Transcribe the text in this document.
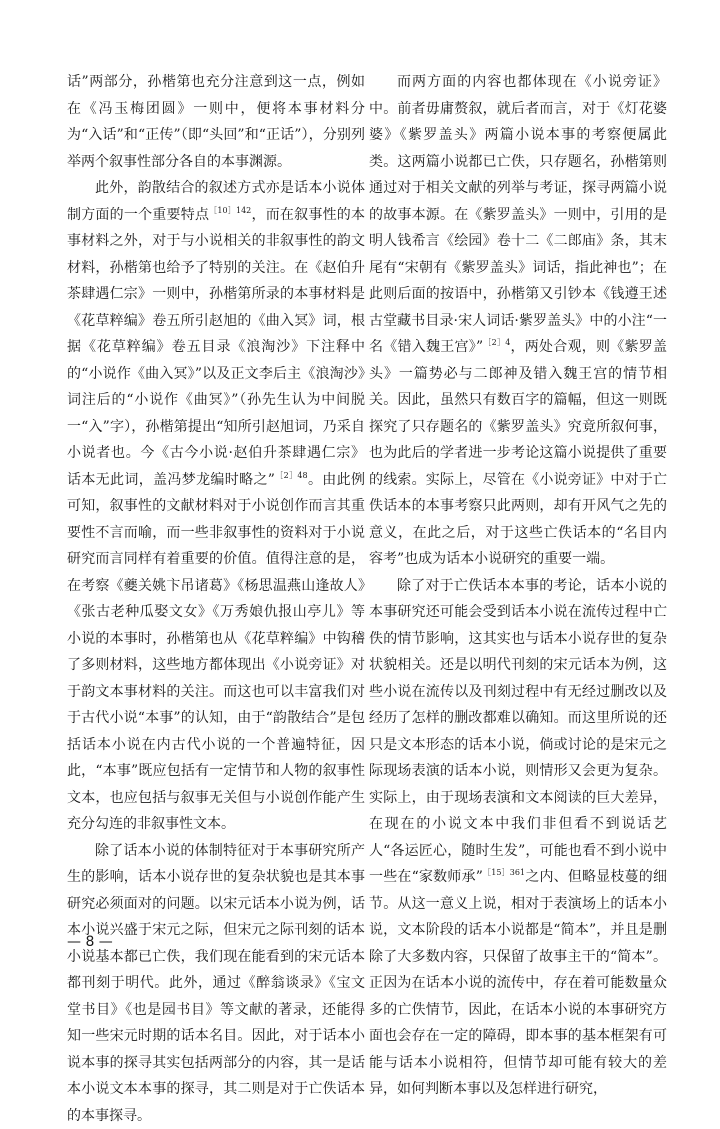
话”两部分，孙楷第也充分注意到这一点，例如在《冯玉梅团圆》一则中，便将本事材料分为“入话”和“正传”（即“头回”和“正话”），分别列举两个叙事性部分各自的本事渊源。

此外，韵散结合的叙述方式亦是话本小说体制方面的一个重要特点$^{[10]142}$，而在叙事性的本事材料之外，对于与小说相关的非叙事性的韵文材料，孙楷第也给予了特别的关注。在《赵伯升茶肆遇仁宗》一则中，孙楷第所录的本事材料是《花草粹编》卷五所引赵旭的《曲入冥》词，根据《花草粹编》卷五目录《浪淘沙》下注释中的“小说作《曲入冥》”以及正文李后主《浪淘沙》词注后的“小说作《曲冥》”（孙先生认为中间脱一“入”字），孙楷第提出“知所引赵旭词，乃采自小说者也。今《古今小说·赵伯升茶肆遇仁宗》话本无此词，盖冯梦龙编时略之”$^{[2]48}$。由此例可知，叙事性的文献材料对于小说创作而言其重要性不言而喻，而一些非叙事性的资料对于小说研究而言同样有着重要的价值。值得注意的是，在考察《夔关姚卞吊诸葛》《杨思温燕山逢故人》《张古老种瓜娶文女》《万秀娘仇报山亭儿》等小说的本事时，孙楷第也从《花草粹编》中钩稽了多则材料，这些地方都体现出《小说旁证》对于韵文本事材料的关注。而这也可以丰富我们对于古代小说“本事”的认知，由于“韵散结合”是包括话本小说在内古代小说的一个普遍特征，因此，“本事”既应包括有一定情节和人物的叙事性文本，也应包括与叙事无关但与小说创作能产生充分勾连的非叙事性文本。

除了话本小说的体制特征对于本事研究所产生的影响，话本小说存世的复杂状貌也是其本事研究必须面对的问题。以宋元话本小说为例，话本小说兴盛于宋元之际，但宋元之际刊刻的话本小说基本都已亡佚，我们现在能看到的宋元话本都刊刻于明代。此外，通过《醉翁谈录》《宝文堂书目》《也是园书目》等文献的著录，还能得知一些宋元时期的话本名目。因此，对于话本小说本事的探寻其实包括两部分的内容，其一是话本小说文本本事的探寻，其二则是对于亡佚话本的本事探寻。

而两方面的内容也都体现在《小说旁证》中。前者毋庸赘叙，就后者而言，对于《灯花婆婆》《紫罗盖头》两篇小说本事的考察便属此类。这两篇小说都已亡佚，只存题名，孙楷第则通过对于相关文献的列举与考证，探寻两篇小说的故事本源。在《紫罗盖头》一则中，引用的是明人钱希言《绘园》卷十二《二郎庙》条，其末尾有“宋朝有《紫罗盖头》词话，指此神也”；在此则后面的按语中，孙楷第又引钞本《钱遵王述古堂藏书目录·宋人词话·紫罗盖头》中的小注“一名《错入魏王宫》”$^{[2]4}$，两处合观，则《紫罗盖头》一篇势必与二郎神及错入魏王宫的情节相关。因此，虽然只有数百字的篇幅，但这一则既探究了只存题名的《紫罗盖头》究竟所叙何事，也为此后的学者进一步考论这篇小说提供了重要的线索。实际上，尽管在《小说旁证》中对于亡佚话本的本事考察只此两则，却有开风气之先的意义，在此之后，对于这些亡佚话本的“名目内容考”也成为话本小说研究的重要一端。

除了对于亡佚话本本事的考论，话本小说的本事研究还可能会受到话本小说在流传过程中亡佚的情节影响，这其实也与话本小说存世的复杂状貌相关。还是以明代刊刻的宋元话本为例，这些小说在流传以及刊刻过程中有无经过删改以及经历了怎样的删改都难以确知。而这里所说的还只是文本形态的话本小说，倘或讨论的是宋元之际现场表演的话本小说，则情形又会更为复杂。实际上，由于现场表演和文本阅读的巨大差异，在现在的小说文本中我们非但看不到说话艺人“各运匠心，随时生发”，可能也看不到小说中一些在“家数师承”$^{[15]361}$之内、但略显枝蔓的细节。从这一意义上说，相对于表演场上的话本小说，文本阶段的话本小说都是“简本”，并且是删除了大多数内容，只保留了故事主干的“简本”。正因为在话本小说的流传中，存在着可能数量众多的亡佚情节，因此，在话本小说的本事研究方面也会存在一定的障碍，即本事的基本框架有可能与话本小说相符，但情节却可能有较大的差异，如何判断本事以及怎样进行研究，

— 8 —
